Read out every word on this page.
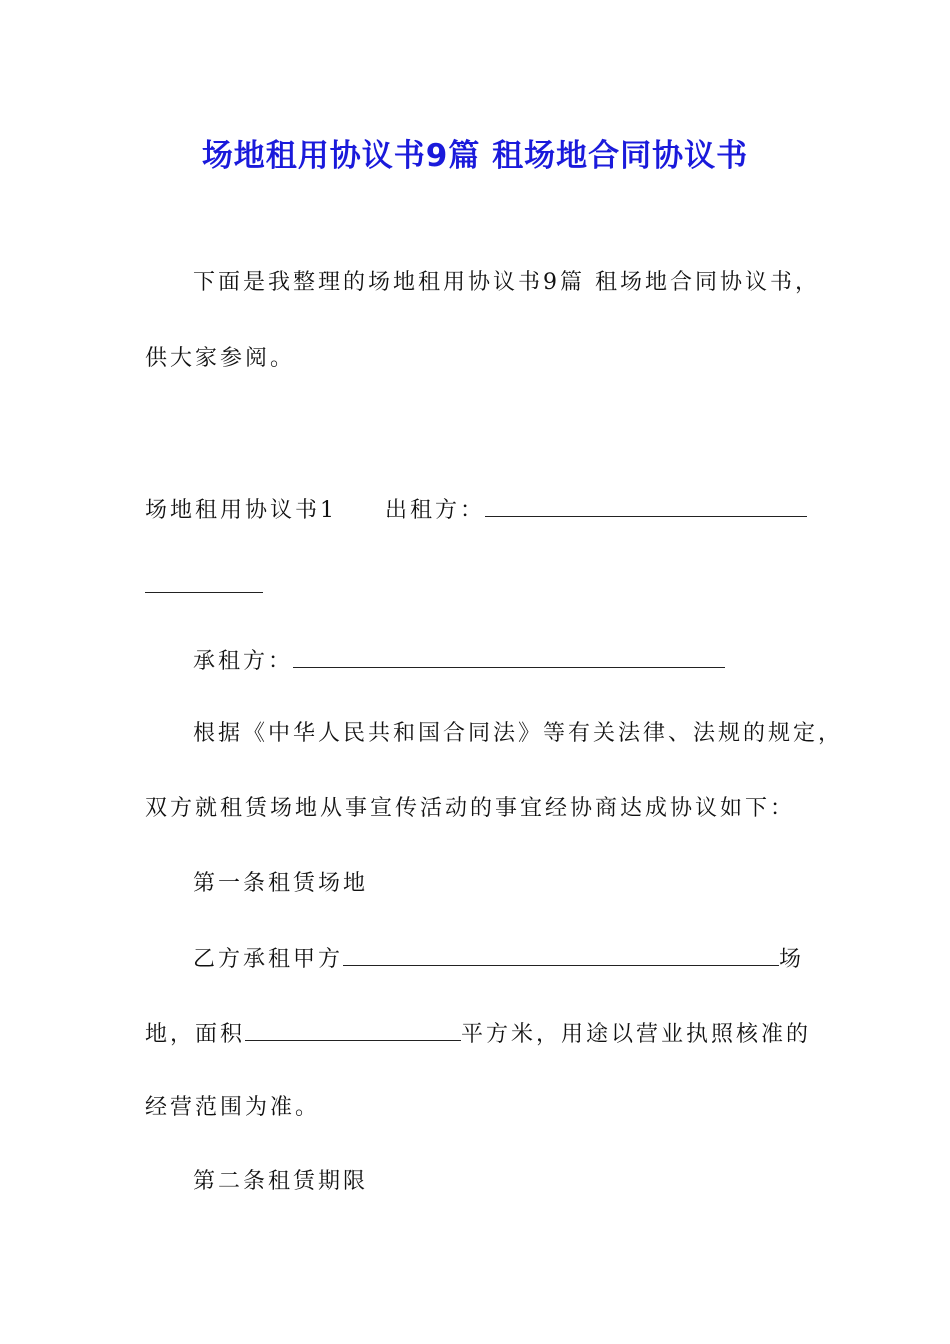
场地租用协议书9篇 租场地合同协议书
下面是我整理的场地租用协议书9篇 租场地合同协议书，
供大家参阅。
场地租用协议书1 出租方：
承租方：
根据《中华人民共和国合同法》等有关法律、法规的规定，
双方就租赁场地从事宣传活动的事宜经协商达成协议如下：
第一条租赁场地
乙方承租甲方	场
地，面积	平方米，用途以营业执照核准的
经营范围为准。
第二条租赁期限
